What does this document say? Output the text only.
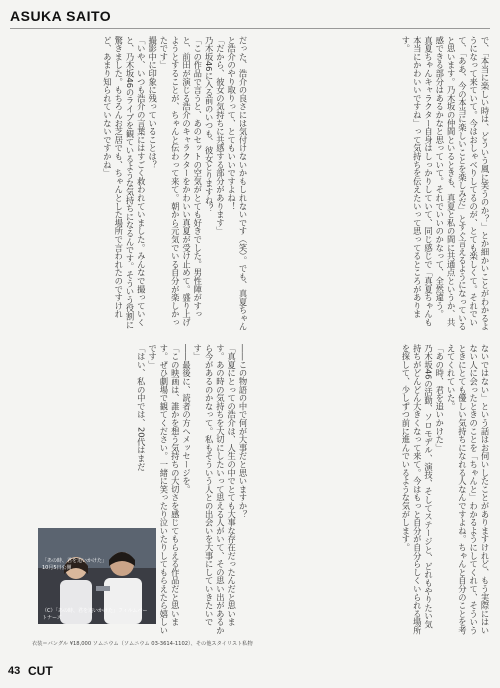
ASUKA SAITO
で、「本当に楽しい時は、どういう風に笑うのか？」とか細かいことがわかるようになって来ていて。今はおしゃべりしてるのが、とても楽しくて。それでいて、「ああ、今の本当に楽しいことを楽しみだ」とすぐ言えるようになっていると思います。乃木坂の仲間といるときも、真夏と私の間に共通点というか、共感できる部分はあるかなと思っていて。それでいいのかなって、全然違う。
真夏ちゃんキャラクター自身はしっかりしていて、同じ感じで「真夏ちゃんも本当にかわいいですね」って気持ちを伝えたいって思ってるところがあります。
だった、浩介の良さには気付けないかもしれないです（笑）。でも、真夏ちゃんと浩介のやり取りって、とてもいいですよね！
「だから、彼女の気持ちに共感する部分があります」
乃木坂46に入る前のいつも、彼女とりますね？
「この作品で言うと、あのセットの空気がとても好きでした。男性陣がすっと、前田が演じる浩介のキャラクターをかわいい真夏が受け止めて。盛り上げようとすることが、ちゃんと伝わって来て。朝から元気でいる自分が楽しかったです」
撮影中に印象に残っていることは？
「いや、いつも浩介の言葉にはすごく救われていました。みんなで撮っていくと、乃木坂46のライブを観ているような気持ちになるんです。そういう役割に驚きました。もちろんお芝居でも、ちゃんとした場所で言われたのですけれど、あまり知られていないですかね」
ないではない」という話はお伺いしたことがありますけれど、もう実際にはいない人に会ったときのことを「ちゃんと」わかるようにしてくれて、そういうときにとても優しい気持ちになれる人なんですよね。ちゃんと自分のことを考えてくれていた。
「あの時、君を追いかけた」
乃木坂46の活動、ソロモデル、演技、そしてステージと、どれもやりたい気持ちがどんどん大きくなって来て。今はもっと自分が自分らしくいられる場所を探して、少しずつ前に進んでいるような気がします。
――この物語の中で何が大事だと思いますか？
「真夏にとっての浩介は、人生の中でとても大事な存在だったんだと思います。あの時の気持ちを大切にしたいって思える人がいて、その思い出があるから今があるのかなって。私もそういう人との出会いを大事にしていきたいです」
――最後に、読者の方へメッセージを。
「この映画は、誰かを想う気持ちの大切さを感じてもらえる作品だと思います。ぜひ劇場で観てください。一緒に笑ったり泣いたりしてもらえたら嬉しいです」
「はい、私の中では、20代はまだ
「あの時、君を追いかけた」 10月5日公開
（C）「あの時、君を追いかけた」フィルムパートナーズ
衣装＝バングル ¥18,000 ソムニウム（ソムニウム 03-3614-1102）、その他スタイリスト私物
43 CUT
